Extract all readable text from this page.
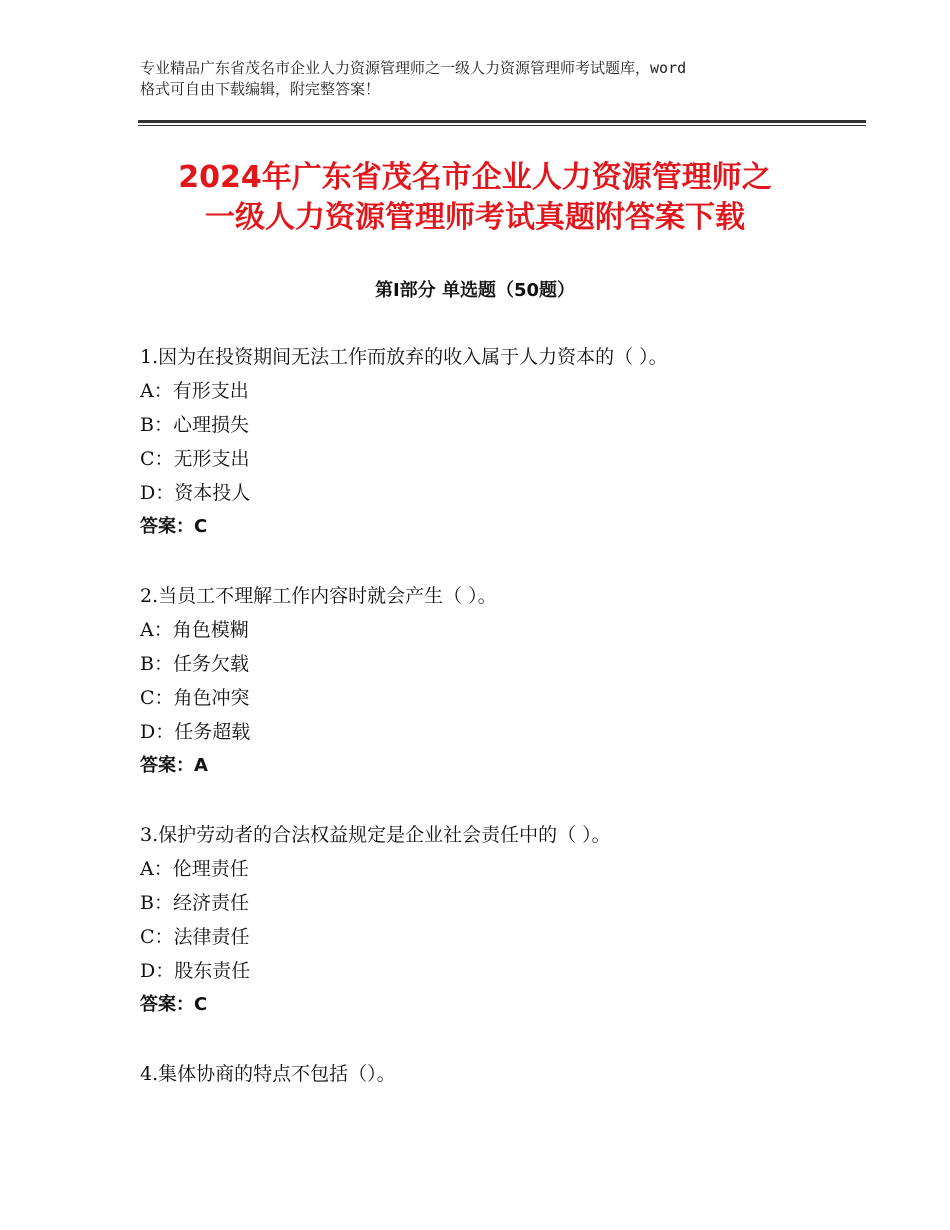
专业精品广东省茂名市企业人力资源管理师之一级人力资源管理师考试题库，word
格式可自由下载编辑，附完整答案！
2024年广东省茂名市企业人力资源管理师之
一级人力资源管理师考试真题附答案下载
第I部分 单选题（50题）
1.因为在投资期间无法工作而放弃的收入属于人力资本的（ ）。
A：有形支出
B：心理损失
C：无形支出
D：资本投人
答案：C
2.当员工不理解工作内容时就会产生（ ）。
A：角色模糊
B：任务欠载
C：角色冲突
D：任务超载
答案：A
3.保护劳动者的合法权益规定是企业社会责任中的（ ）。
A：伦理责任
B：经济责任
C：法律责任
D：股东责任
答案：C
4.集体协商的特点不包括（）。
